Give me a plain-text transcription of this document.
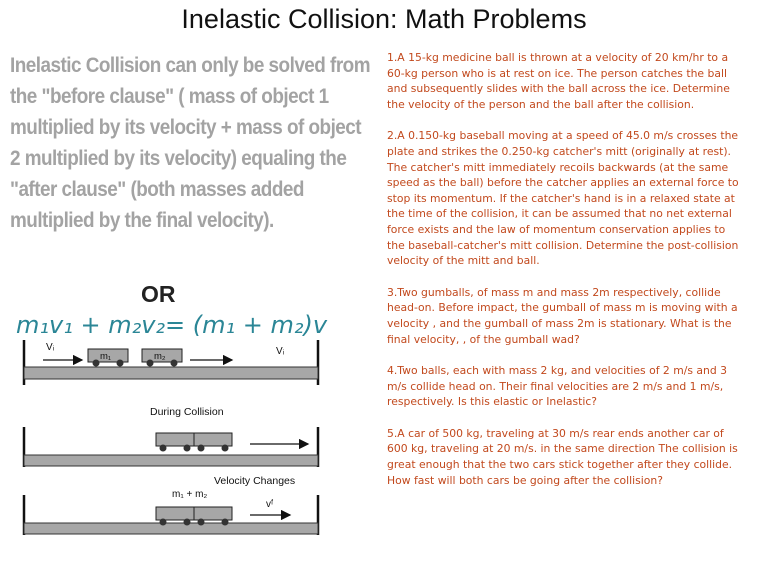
Inelastic Collision: Math Problems
Inelastic Collision can only be solved from the "before clause" ( mass of object 1 multiplied by its velocity + mass of object 2 multiplied by its velocity) equaling the "after clause" (both masses added multiplied by the final velocity).
OR
m₁v₁ + m₂v₂= (m₁ + m₂)v

1.A 15-kg medicine ball is thrown at a velocity of 20 km/hr to a 60-kg person who is at rest on ice. The person catches the ball and subsequently slides with the ball across the ice. Determine the velocity of the person and the ball after the collision.

2.A 0.150-kg baseball moving at a speed of 45.0 m/s crosses the plate and strikes the 0.250-kg catcher's mitt (originally at rest). The catcher's mitt immediately recoils backwards (at the same speed as the ball) before the catcher applies an external force to stop its momentum. If the catcher's hand is in a relaxed state at the time of the collision, it can be assumed that no net external force exists and the law of momentum conservation applies to the baseball-catcher's mitt collision. Determine the post-collision velocity of the mitt and ball.

3.Two gumballs, of mass m and mass 2m respectively, collide head-on. Before impact, the gumball of mass m is moving with a velocity , and the gumball of mass 2m is stationary. What is the final velocity, , of the gumball wad?

4.Two balls, each with mass 2 kg, and velocities of 2 m/s and 3 m/s collide head on. Their final velocities are 2 m/s and 1 m/s, respectively. Is this elastic or Inelastic?

5.A car of 500 kg, traveling at 30 m/s rear ends another car of 600 kg, traveling at 20 m/s. in the same direction The collision is great enough that the two cars stick together after they collide. How fast will both cars be going after the collision?

Vᵢ
m₁	m₂	Vᵢ
During Collision
Velocity Changes
m₁ + m₂
vᶠ
